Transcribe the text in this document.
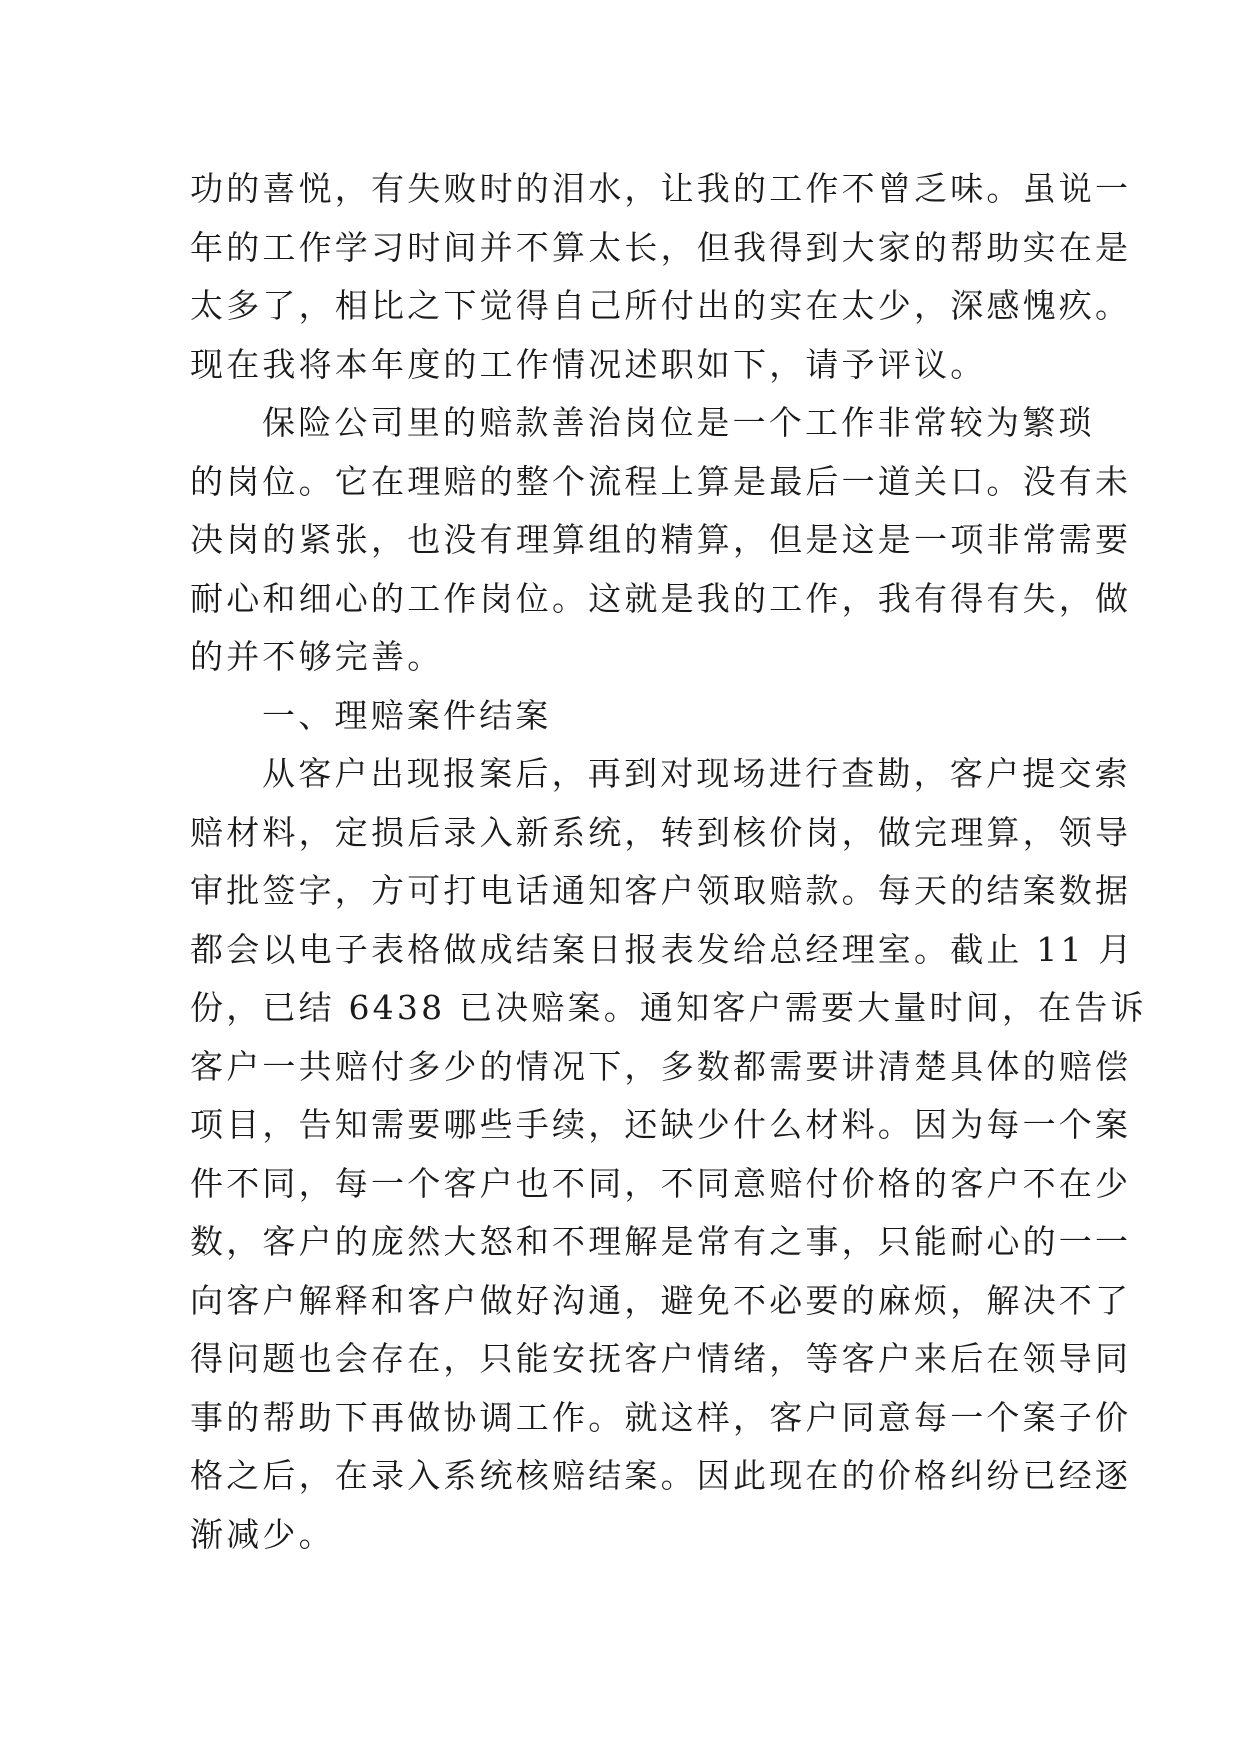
功的喜悦，有失败时的泪水，让我的工作不曾乏味。虽说一
年的工作学习时间并不算太长，但我得到大家的帮助实在是
太多了，相比之下觉得自己所付出的实在太少，深感愧疚。
现在我将本年度的工作情况述职如下，请予评议。
保险公司里的赔款善治岗位是一个工作非常较为繁琐
的岗位。它在理赔的整个流程上算是最后一道关口。没有未
决岗的紧张，也没有理算组的精算，但是这是一项非常需要
耐心和细心的工作岗位。这就是我的工作，我有得有失，做
的并不够完善。
一、理赔案件结案
从客户出现报案后，再到对现场进行查勘，客户提交索
赔材料，定损后录入新系统，转到核价岗，做完理算，领导
审批签字，方可打电话通知客户领取赔款。每天的结案数据
都会以电子表格做成结案日报表发给总经理室。截止 11 月
份，已结 6438 已决赔案。通知客户需要大量时间，在告诉
客户一共赔付多少的情况下，多数都需要讲清楚具体的赔偿
项目，告知需要哪些手续，还缺少什么材料。因为每一个案
件不同，每一个客户也不同，不同意赔付价格的客户不在少
数，客户的庞然大怒和不理解是常有之事，只能耐心的一一
向客户解释和客户做好沟通，避免不必要的麻烦，解决不了
得问题也会存在，只能安抚客户情绪，等客户来后在领导同
事的帮助下再做协调工作。就这样，客户同意每一个案子价
格之后，在录入系统核赔结案。因此现在的价格纠纷已经逐
渐减少。
